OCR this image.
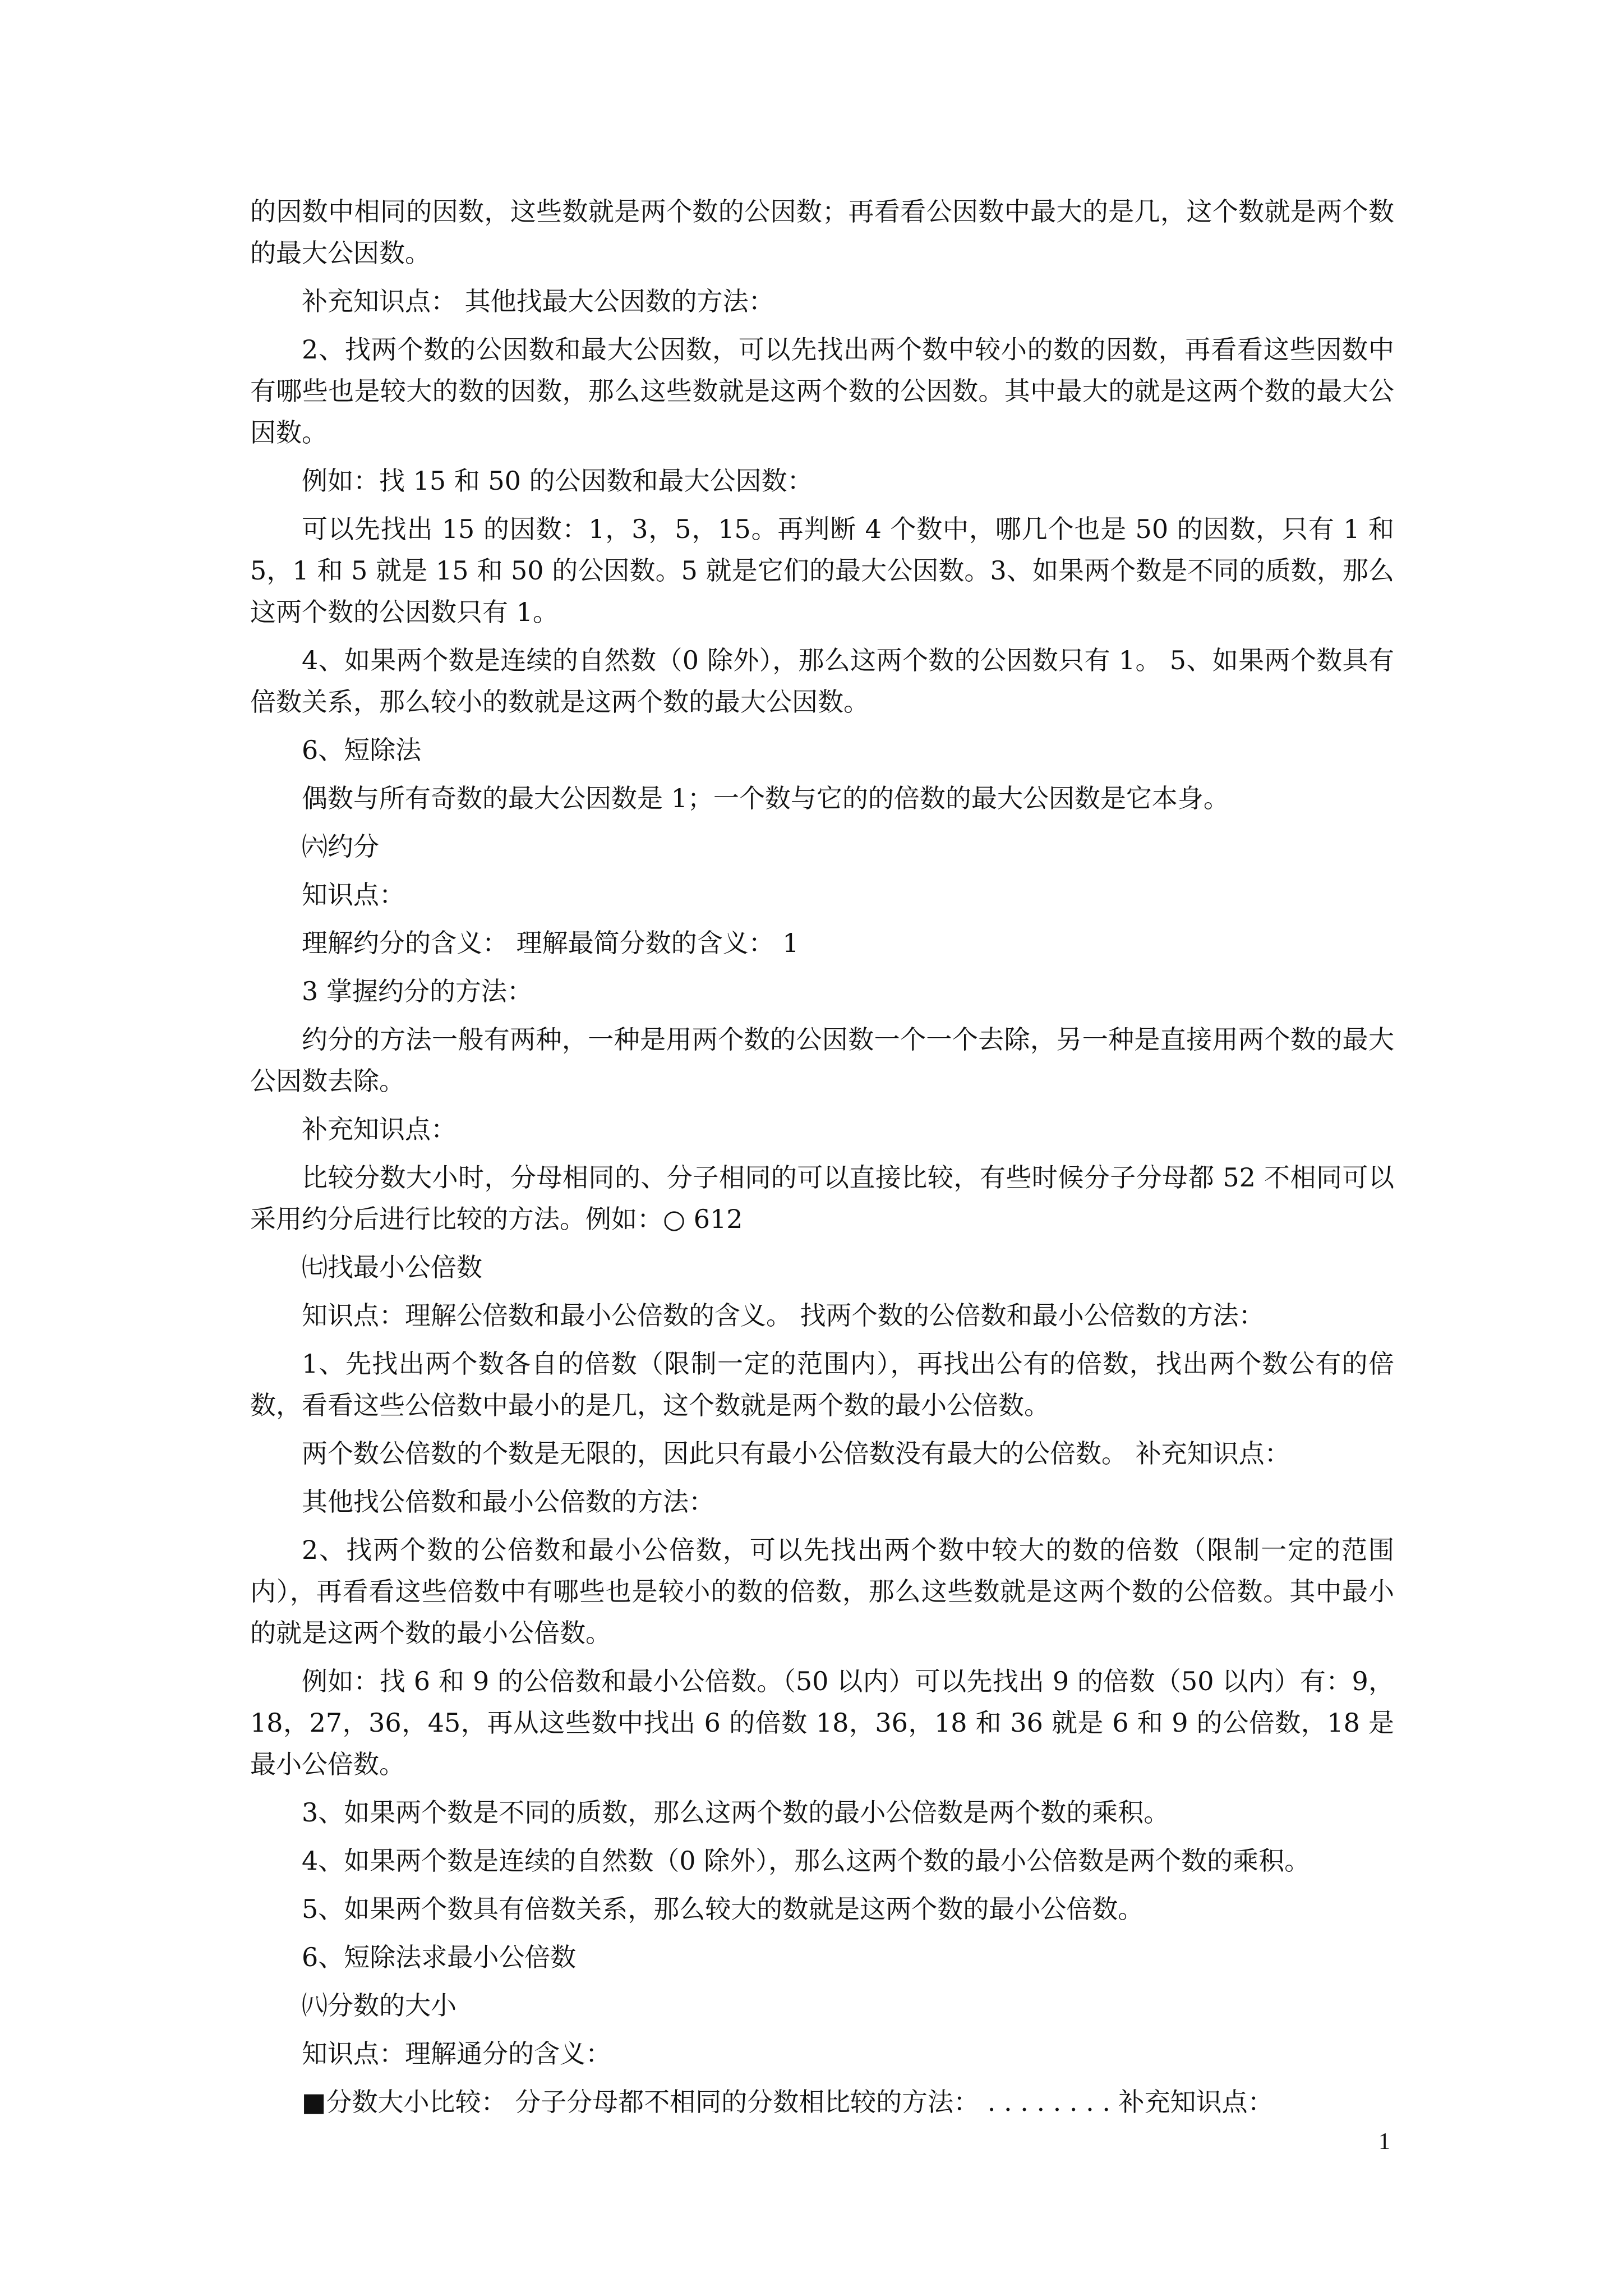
的因数中相同的因数，这些数就是两个数的公因数；再看看公因数中最大的是几，这个数就是两个数的最大公因数。

补充知识点： 其他找最大公因数的方法：

2、找两个数的公因数和最大公因数，可以先找出两个数中较小的数的因数，再看看这些因数中有哪些也是较大的数的因数，那么这些数就是这两个数的公因数。其中最大的就是这两个数的最大公因数。

例如：找 15 和 50 的公因数和最大公因数：

可以先找出 15 的因数：1，3，5，15。再判断 4 个数中，哪几个也是 50 的因数，只有 1 和 5，1 和 5 就是 15 和 50 的公因数。5 就是它们的最大公因数。3、如果两个数是不同的质数，那么这两个数的公因数只有 1。

4、如果两个数是连续的自然数（0 除外），那么这两个数的公因数只有 1。 5、如果两个数具有倍数关系，那么较小的数就是这两个数的最大公因数。

6、短除法

偶数与所有奇数的最大公因数是 1；一个数与它的的倍数的最大公因数是它本身。

㈥约分

知识点：

理解约分的含义： 理解最简分数的含义： 1

3 掌握约分的方法：

约分的方法一般有两种，一种是用两个数的公因数一个一个去除，另一种是直接用两个数的最大公因数去除。

补充知识点：

比较分数大小时，分母相同的、分子相同的可以直接比较，有些时候分子分母都 52 不相同可以采用约分后进行比较的方法。例如：○ 612

㈦找最小公倍数

知识点：理解公倍数和最小公倍数的含义。 找两个数的公倍数和最小公倍数的方法：

1、先找出两个数各自的倍数（限制一定的范围内），再找出公有的倍数，找出两个数公有的倍数，看看这些公倍数中最小的是几，这个数就是两个数的最小公倍数。

两个数公倍数的个数是无限的，因此只有最小公倍数没有最大的公倍数。 补充知识点：

其他找公倍数和最小公倍数的方法：

2、找两个数的公倍数和最小公倍数，可以先找出两个数中较大的数的倍数（限制一定的范围内），再看看这些倍数中有哪些也是较小的数的倍数，那么这些数就是这两个数的公倍数。其中最小的就是这两个数的最小公倍数。

例如：找 6 和 9 的公倍数和最小公倍数。（50 以内）可以先找出 9 的倍数（50 以内）有：9，18，27，36，45，再从这些数中找出 6 的倍数 18，36，18 和 36 就是 6 和 9 的公倍数，18 是最小公倍数。

3、如果两个数是不同的质数，那么这两个数的最小公倍数是两个数的乘积。

4、如果两个数是连续的自然数（0 除外），那么这两个数的最小公倍数是两个数的乘积。

5、如果两个数具有倍数关系，那么较大的数就是这两个数的最小公倍数。

6、短除法求最小公倍数

㈧分数的大小

知识点：理解通分的含义：

■分数大小比较： 分子分母都不相同的分数相比较的方法： . . . . . . . . 补充知识点：

1
